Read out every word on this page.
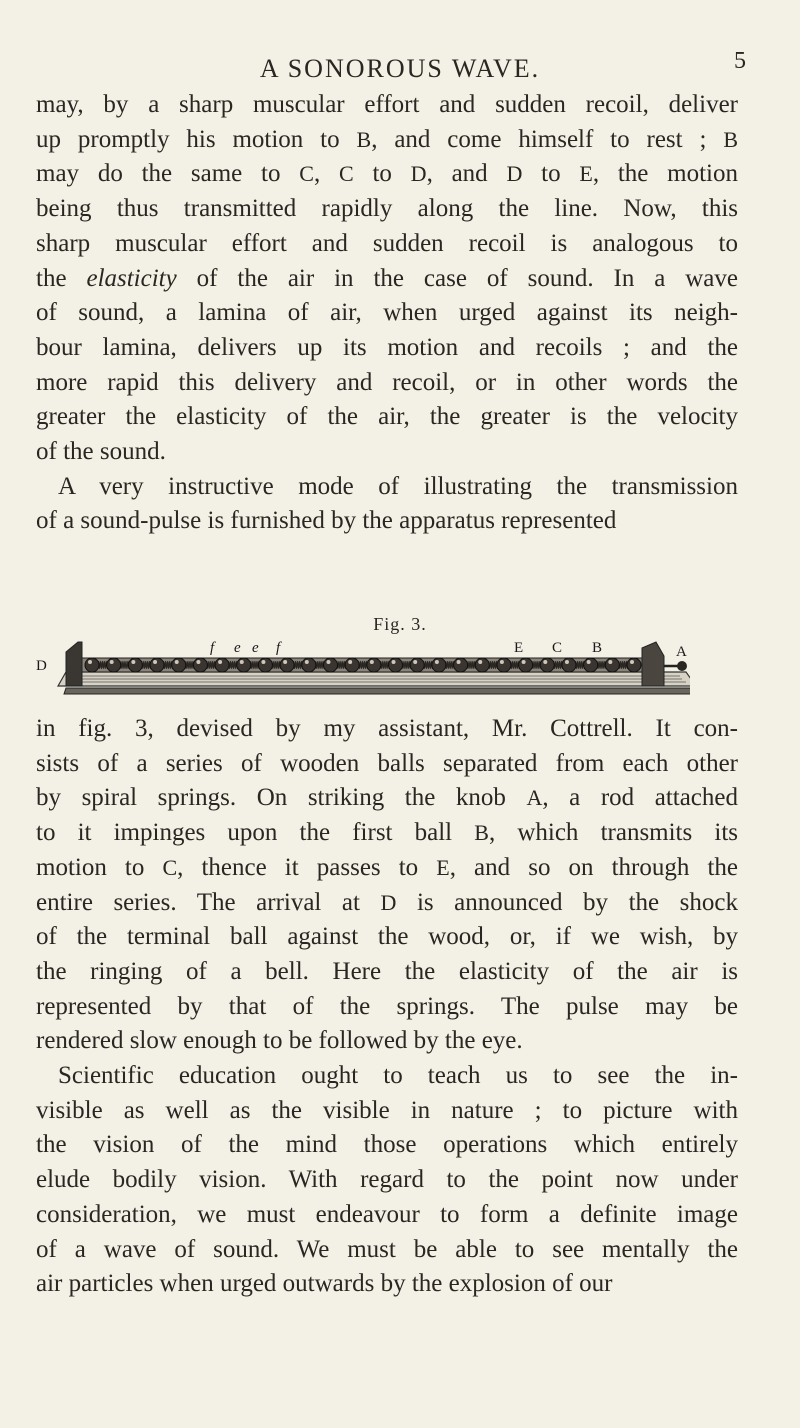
A SONOROUS WAVE.	5
may, by a sharp muscular effort and sudden recoil, deliver
up promptly his motion to B, and come himself to rest ; B
may do the same to C, C to D, and D to E, the motion
being thus transmitted rapidly along the line. Now, this
sharp muscular effort and sudden recoil is analogous to
the elasticity of the air in the case of sound. In a wave
of sound, a lamina of air, when urged against its neigh-
bour lamina, delivers up its motion and recoils ; and the
more rapid this delivery and recoil, or in other words the
greater the elasticity of the air, the greater is the velocity
of the sound.
A very instructive mode of illustrating the transmission
of a sound-pulse is furnished by the apparatus represented
Fig. 3.
D
f e e f	E C B	A
in fig. 3, devised by my assistant, Mr. Cottrell. It con-
sists of a series of wooden balls separated from each other
by spiral springs. On striking the knob A, a rod attached
to it impinges upon the first ball B, which transmits its
motion to C, thence it passes to E, and so on through the
entire series. The arrival at D is announced by the shock
of the terminal ball against the wood, or, if we wish, by
the ringing of a bell. Here the elasticity of the air is
represented by that of the springs. The pulse may be
rendered slow enough to be followed by the eye.
Scientific education ought to teach us to see the in-
visible as well as the visible in nature ; to picture with
the vision of the mind those operations which entirely
elude bodily vision. With regard to the point now under
consideration, we must endeavour to form a definite image
of a wave of sound. We must be able to see mentally the
air particles when urged outwards by the explosion of our
